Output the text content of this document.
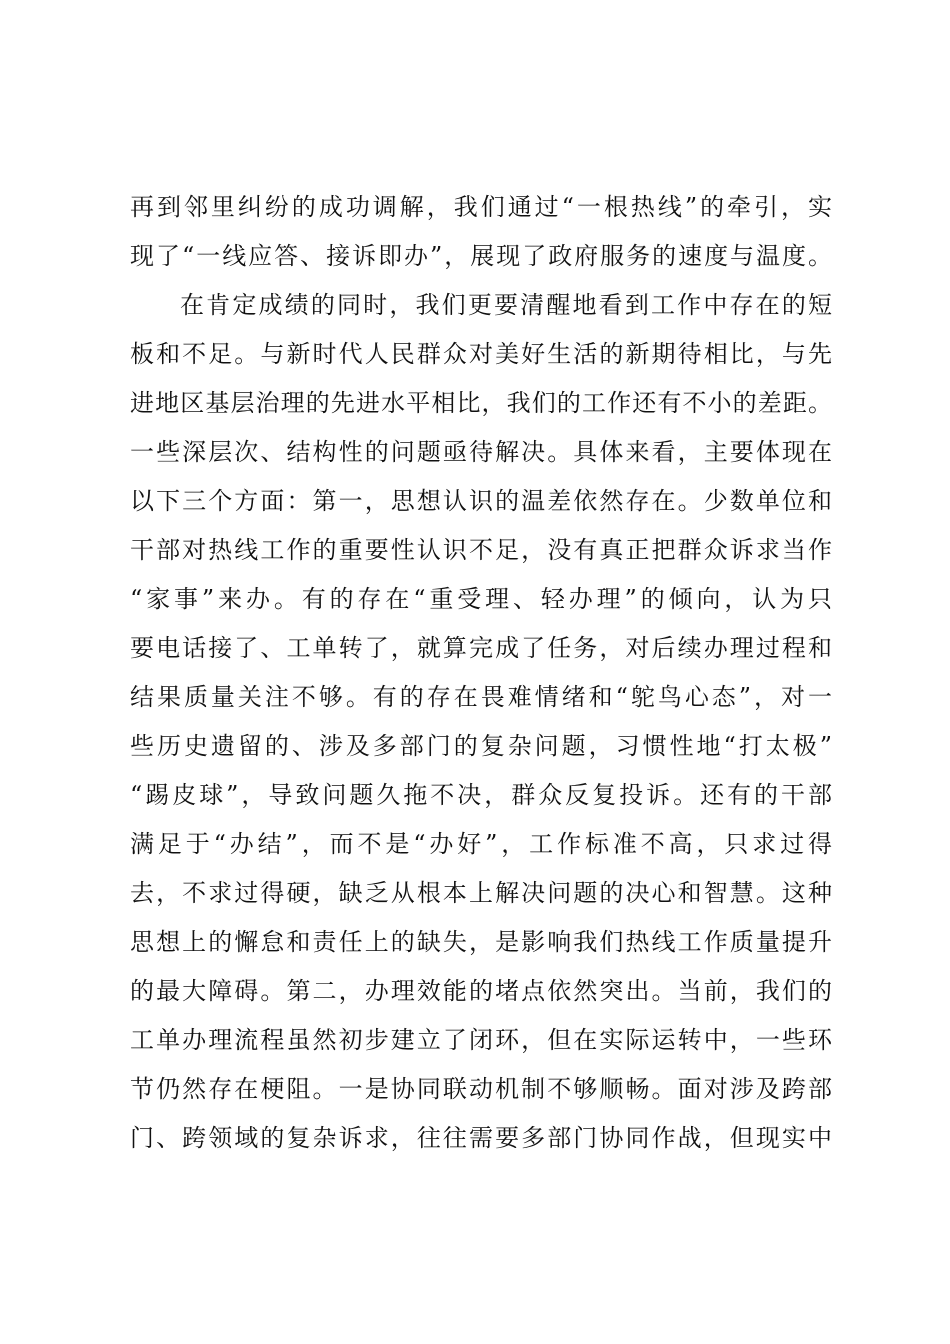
再到邻里纠纷的成功调解，我们通过“一根热线”的牵引，实
现了“一线应答、接诉即办”，展现了政府服务的速度与温度。
在肯定成绩的同时，我们更要清醒地看到工作中存在的短
板和不足。与新时代人民群众对美好生活的新期待相比，与先
进地区基层治理的先进水平相比，我们的工作还有不小的差距。
一些深层次、结构性的问题亟待解决。具体来看，主要体现在
以下三个方面：第一，思想认识的温差依然存在。少数单位和
干部对热线工作的重要性认识不足，没有真正把群众诉求当作
“家事”来办。有的存在“重受理、轻办理”的倾向，认为只
要电话接了、工单转了，就算完成了任务，对后续办理过程和
结果质量关注不够。有的存在畏难情绪和“鸵鸟心态”，对一
些历史遗留的、涉及多部门的复杂问题，习惯性地“打太极”
“踢皮球”，导致问题久拖不决，群众反复投诉。还有的干部
满足于“办结”，而不是“办好”，工作标准不高，只求过得
去，不求过得硬，缺乏从根本上解决问题的决心和智慧。这种
思想上的懈怠和责任上的缺失，是影响我们热线工作质量提升
的最大障碍。第二，办理效能的堵点依然突出。当前，我们的
工单办理流程虽然初步建立了闭环，但在实际运转中，一些环
节仍然存在梗阻。一是协同联动机制不够顺畅。面对涉及跨部
门、跨领域的复杂诉求，往往需要多部门协同作战，但现实中
